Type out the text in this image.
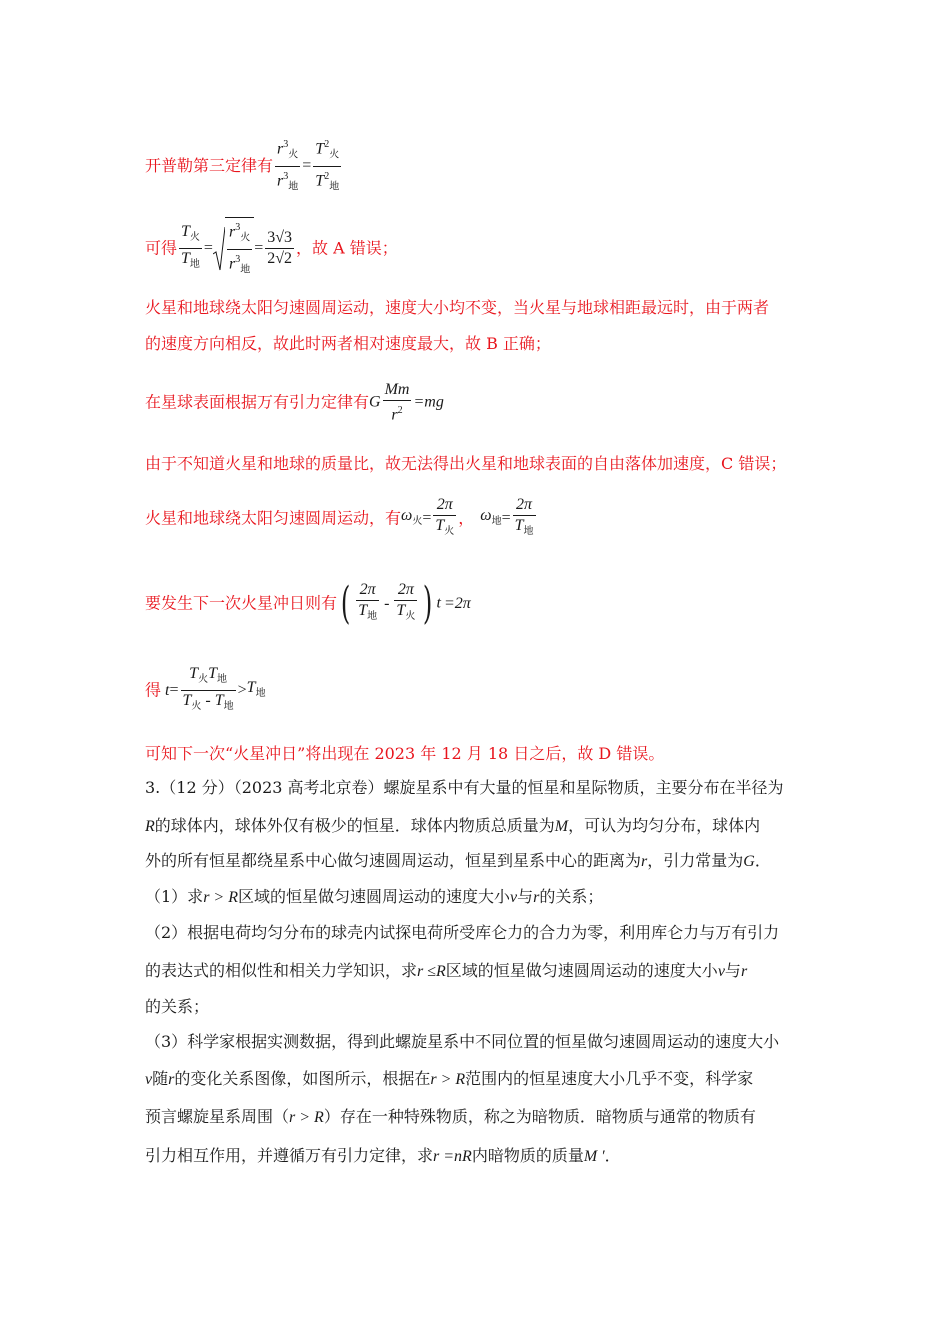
开普勒第三定律有 $\frac{r^3_火}{r^3_地} = \frac{T^2_火}{T^2_地}$
可得 $\frac{T_火}{T_地} = \frac{r^3_火}{r^3_地} = \frac{3√3}{2√2}$ ，故 A 错误；
火星和地球绕太阳匀速圆周运动，速度大小均不变，当火星与地球相距最远时，由于两者
的速度方向相反，故此时两者相对速度最大，故 B 正确；
在星球表面根据万有引力定律有G $\frac{Mm}{r^2} =mg$
由于不知道火星和地球的质量比，故无法得出火星和地球表面的自由落体加速度，C 错误；
火星和地球绕太阳匀速圆周运动，有$\omega_火= \frac{2\pi}{T_火}$ ， $\omega_地= \frac{2\pi}{T_地}$
要发生下一次火星冲日则有( $\frac{2\pi}{T_地} - \frac{2\pi}{T_火}$ ) t =2π
得 $t= \frac{T_火T_地}{T_火 - T_地} >T_地$
可知下一次“火星冲日”将出现在 2023 年 12 月 18 日之后，故 D 错误。
3.（12 分）（2023 高考北京卷）螺旋星系中有大量的恒星和星际物质，主要分布在半径为
R的球体内，球体外仅有极少的恒星．球体内物质总质量为M，可认为均匀分布，球体内
外的所有恒星都绕星系中心做匀速圆周运动，恒星到星系中心的距离为r，引力常量为G．
（1）求r > R区域的恒星做匀速圆周运动的速度大小v与r的关系；
（2）根据电荷均匀分布的球壳内试探电荷所受库仑力的合力为零，利用库仑力与万有引力
的表达式的相似性和相关力学知识，求r ≤R区域的恒星做匀速圆周运动的速度大小v与r
的关系；
（3）科学家根据实测数据，得到此螺旋星系中不同位置的恒星做匀速圆周运动的速度大小
v随r的变化关系图像，如图所示，根据在r > R范围内的恒星速度大小几乎不变，科学家
预言螺旋星系周围（r > R）存在一种特殊物质，称之为暗物质．暗物质与通常的物质有
引力相互作用，并遵循万有引力定律，求r =nR内暗物质的质量M ′．
